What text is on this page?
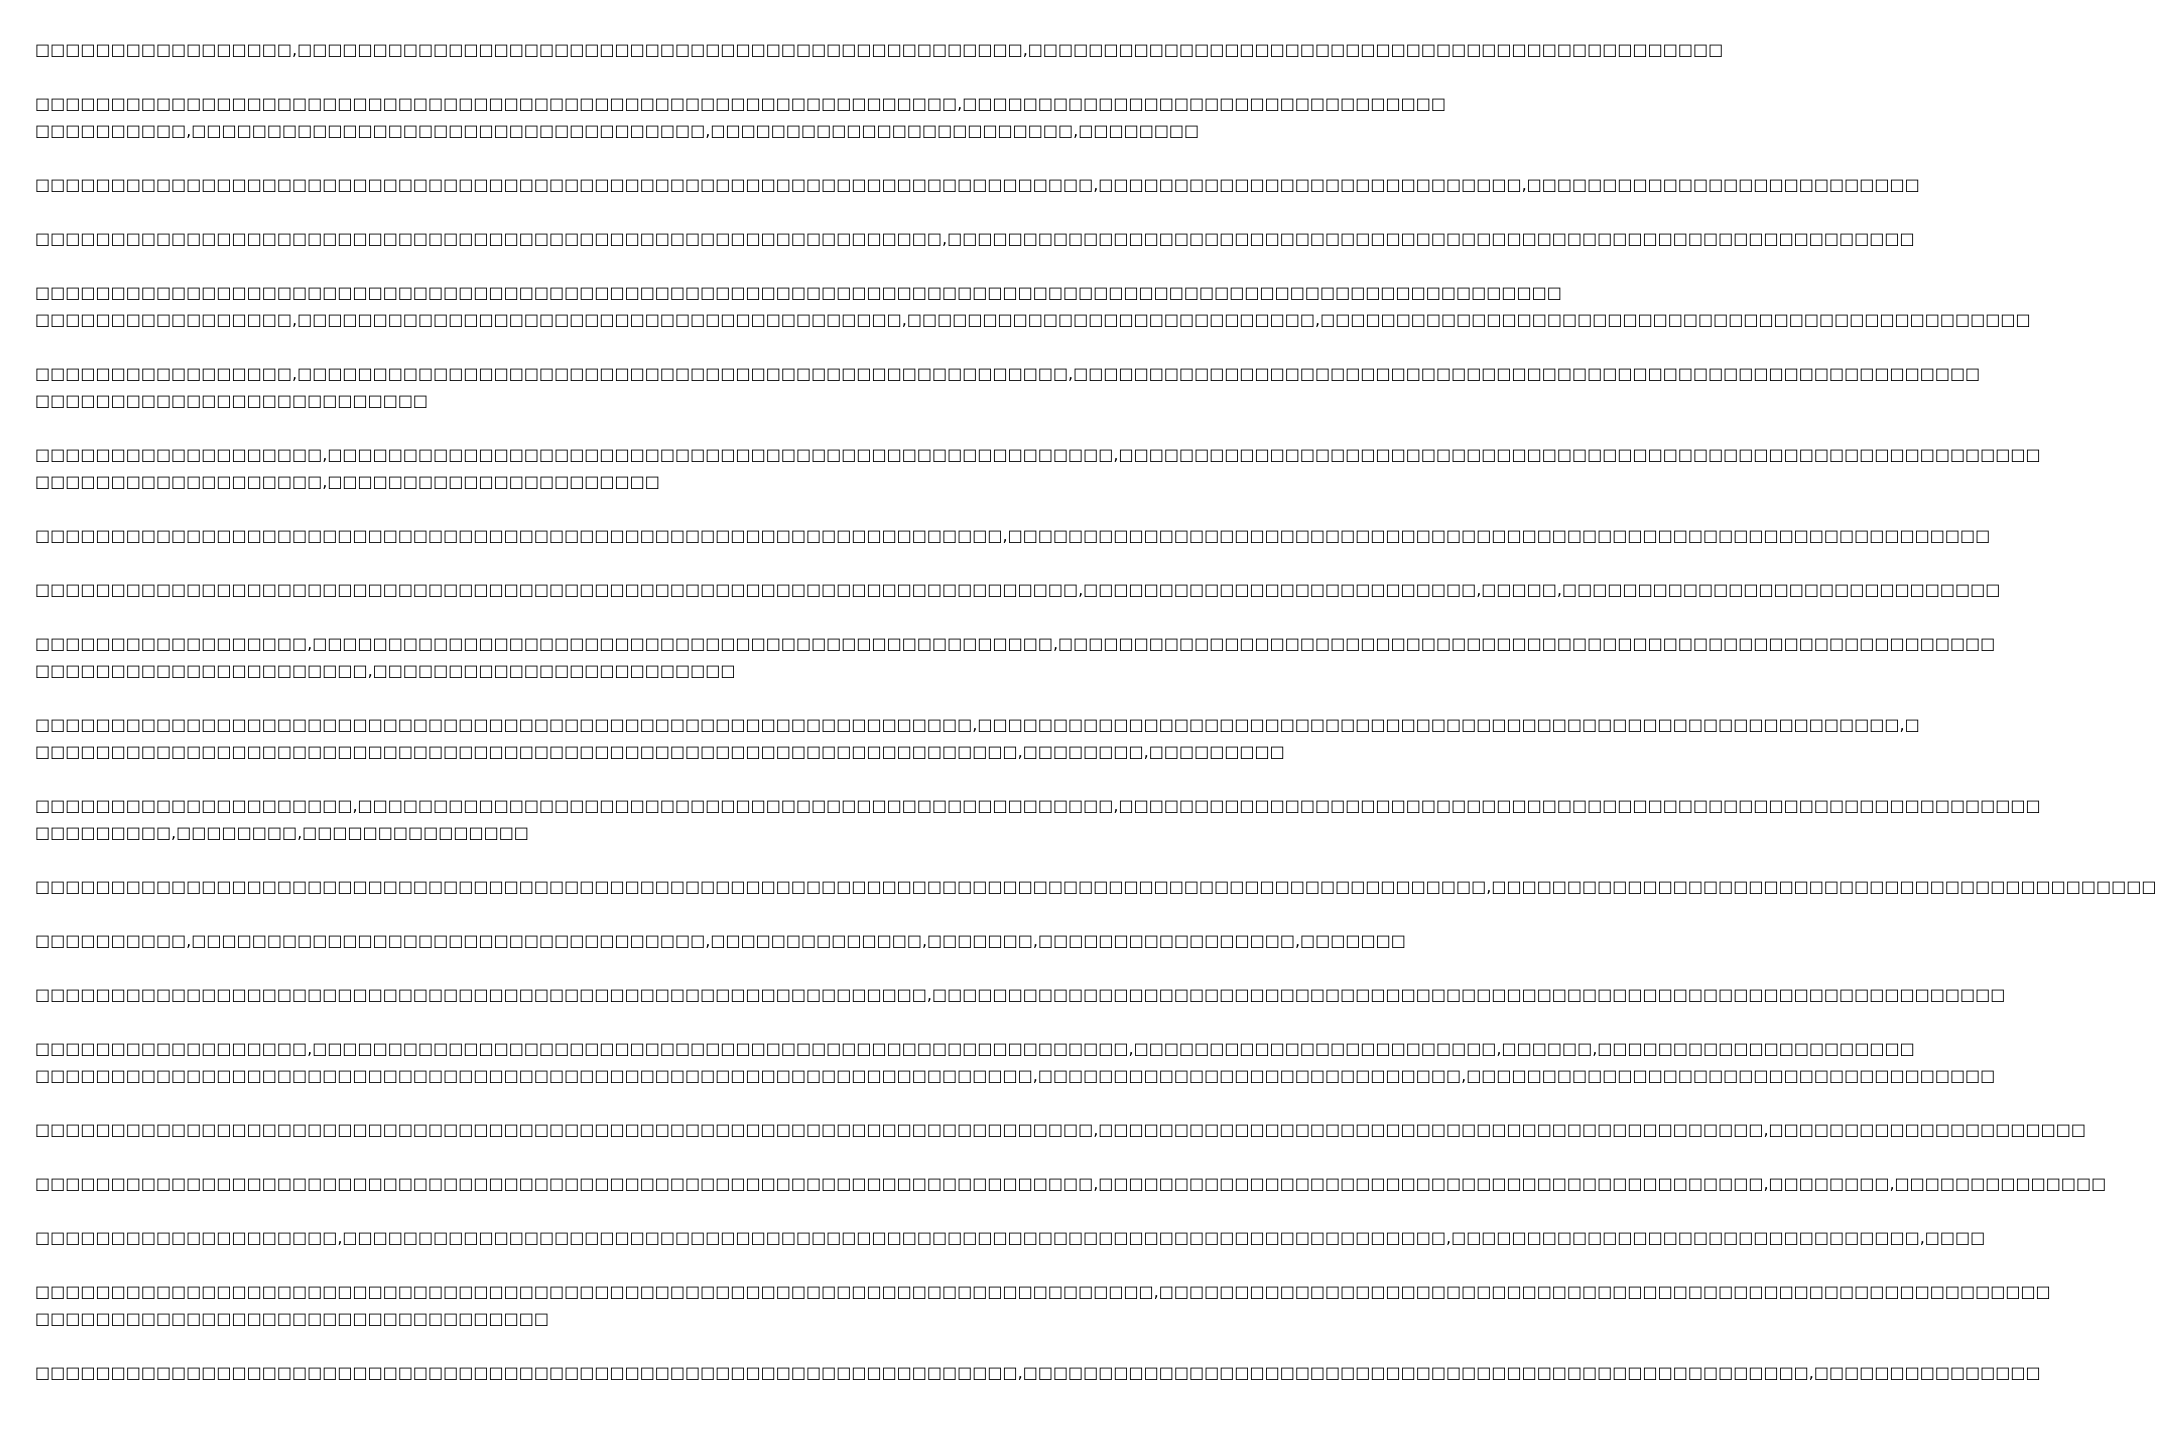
□□□□□□□□□□□□□□□□□,□□□□□□□□□□□□□□□□□□□□□□□□□□□□□□□□□□□□□□□□□□□□□□□□,□□□□□□□□□□□□□□□□□□□□□□□□□□□□□□□□□□□□□□□□□□□□□□

□□□□□□□□□□□□□□□□□□□□□□□□□□□□□□□□□□□□□□□□□□□□□□□□□□□□□□□□□□□□□,□□□□□□□□□□□□□□□□□□□□□□□□□□□□□□□□
□□□□□□□□□□,□□□□□□□□□□□□□□□□□□□□□□□□□□□□□□□□□□,□□□□□□□□□□□□□□□□□□□□□□□□,□□□□□□□□

□□□□□□□□□□□□□□□□□□□□□□□□□□□□□□□□□□□□□□□□□□□□□□□□□□□□□□□□□□□□□□□□□□□□□□,□□□□□□□□□□□□□□□□□□□□□□□□□□□□,□□□□□□□□□□□□□□□□□□□□□□□□□□

□□□□□□□□□□□□□□□□□□□□□□□□□□□□□□□□□□□□□□□□□□□□□□□□□□□□□□□□□□□□,□□□□□□□□□□□□□□□□□□□□□□□□□□□□□□□□□□□□□□□□□□□□□□□□□□□□□□□□□□□□□□□□

□□□□□□□□□□□□□□□□□□□□□□□□□□□□□□□□□□□□□□□□□□□□□□□□□□□□□□□□□□□□□□□□□□□□□□□□□□□□□□□□□□□□□□□□□□□□□□□□□□□□□
□□□□□□□□□□□□□□□□□,□□□□□□□□□□□□□□□□□□□□□□□□□□□□□□□□□□□□□□□□,□□□□□□□□□□□□□□□□□□□□□□□□□□□,□□□□□□□□□□□□□□□□□□□□□□□□□□□□□□□□□□□□□□□□□□□□□□□

□□□□□□□□□□□□□□□□□,□□□□□□□□□□□□□□□□□□□□□□□□□□□□□□□□□□□□□□□□□□□□□□□□□□□,□□□□□□□□□□□□□□□□□□□□□□□□□□□□□□□□□□□□□□□□□□□□□□□□□□□□□□□□□□□□
□□□□□□□□□□□□□□□□□□□□□□□□□□

□□□□□□□□□□□□□□□□□□□,□□□□□□□□□□□□□□□□□□□□□□□□□□□□□□□□□□□□□□□□□□□□□□□□□□□□,□□□□□□□□□□□□□□□□□□□□□□□□□□□□□□□□□□□□□□□□□□□□□□□□□□□□□□□□□□□□□
□□□□□□□□□□□□□□□□□□□,□□□□□□□□□□□□□□□□□□□□□□

□□□□□□□□□□□□□□□□□□□□□□□□□□□□□□□□□□□□□□□□□□□□□□□□□□□□□□□□□□□□□□□□,□□□□□□□□□□□□□□□□□□□□□□□□□□□□□□□□□□□□□□□□□□□□□□□□□□□□□□□□□□□□□□□□□

□□□□□□□□□□□□□□□□□□□□□□□□□□□□□□□□□□□□□□□□□□□□□□□□□□□□□□□□□□□□□□□□□□□□□,□□□□□□□□□□□□□□□□□□□□□□□□□□,□□□□□,□□□□□□□□□□□□□□□□□□□□□□□□□□□□□

□□□□□□□□□□□□□□□□□□,□□□□□□□□□□□□□□□□□□□□□□□□□□□□□□□□□□□□□□□□□□□□□□□□□,□□□□□□□□□□□□□□□□□□□□□□□□□□□□□□□□□□□□□□□□□□□□□□□□□□□□□□□□□□□□□□
□□□□□□□□□□□□□□□□□□□□□□,□□□□□□□□□□□□□□□□□□□□□□□□

□□□□□□□□□□□□□□□□□□□□□□□□□□□□□□□□□□□□□□□□□□□□□□□□□□□□□□□□□□□□□□,□□□□□□□□□□□□□□□□□□□□□□□□□□□□□□□□□□□□□□□□□□□□□□□□□□□□□□□□□□□□□,□
□□□□□□□□□□□□□□□□□□□□□□□□□□□□□□□□□□□□□□□□□□□□□□□□□□□□□□□□□□□□□□□□□,□□□□□□□□,□□□□□□□□□

□□□□□□□□□□□□□□□□□□□□□,□□□□□□□□□□□□□□□□□□□□□□□□□□□□□□□□□□□□□□□□□□□□□□□□□□,□□□□□□□□□□□□□□□□□□□□□□□□□□□□□□□□□□□□□□□□□□□□□□□□□□□□□□□□□□□□□
□□□□□□□□□,□□□□□□□□,□□□□□□□□□□□□□□□

□□□□□□□□□□□□□□□□□□□□□□□□□□□□□□□□□□□□□□□□□□□□□□□□□□□□□□□□□□□□□□□□□□□□□□□□□□□□□□□□□□□□□□□□□□□□□□□□,□□□□□□□□□□□□□□□□□□□□□□□□□□□□□□□□□□□□□□□□□□□□

□□□□□□□□□□,□□□□□□□□□□□□□□□□□□□□□□□□□□□□□□□□□□,□□□□□□□□□□□□□□,□□□□□□□,□□□□□□□□□□□□□□□□□,□□□□□□□

□□□□□□□□□□□□□□□□□□□□□□□□□□□□□□□□□□□□□□□□□□□□□□□□□□□□□□□□□□□,□□□□□□□□□□□□□□□□□□□□□□□□□□□□□□□□□□□□□□□□□□□□□□□□□□□□□□□□□□□□□□□□□□□□□□□

□□□□□□□□□□□□□□□□□□,□□□□□□□□□□□□□□□□□□□□□□□□□□□□□□□□□□□□□□□□□□□□□□□□□□□□□□,□□□□□□□□□□□□□□□□□□□□□□□□,□□□□□□,□□□□□□□□□□□□□□□□□□□□□
□□□□□□□□□□□□□□□□□□□□□□□□□□□□□□□□□□□□□□□□□□□□□□□□□□□□□□□□□□□□□□□□□□,□□□□□□□□□□□□□□□□□□□□□□□□□□□□,□□□□□□□□□□□□□□□□□□□□□□□□□□□□□□□□□□□

□□□□□□□□□□□□□□□□□□□□□□□□□□□□□□□□□□□□□□□□□□□□□□□□□□□□□□□□□□□□□□□□□□□□□□,□□□□□□□□□□□□□□□□□□□□□□□□□□□□□□□□□□□□□□□□□□□□,□□□□□□□□□□□□□□□□□□□□□

□□□□□□□□□□□□□□□□□□□□□□□□□□□□□□□□□□□□□□□□□□□□□□□□□□□□□□□□□□□□□□□□□□□□□□,□□□□□□□□□□□□□□□□□□□□□□□□□□□□□□□□□□□□□□□□□□□□,□□□□□□□□,□□□□□□□□□□□□□□

□□□□□□□□□□□□□□□□□□□□,□□□□□□□□□□□□□□□□□□□□□□□□□□□□□□□□□□□□□□□□□□□□□□□□□□□□□□□□□□□□□□□□□□□□□□□□□,□□□□□□□□□□□□□□□□□□□□□□□□□□□□□□□,□□□□

□□□□□□□□□□□□□□□□□□□□□□□□□□□□□□□□□□□□□□□□□□□□□□□□□□□□□□□□□□□□□□□□□□□□□□□□□□,□□□□□□□□□□□□□□□□□□□□□□□□□□□□□□□□□□□□□□□□□□□□□□□□□□□□□□□□□□□
□□□□□□□□□□□□□□□□□□□□□□□□□□□□□□□□□□

□□□□□□□□□□□□□□□□□□□□□□□□□□□□□□□□□□□□□□□□□□□□□□□□□□□□□□□□□□□□□□□□□,□□□□□□□□□□□□□□□□□□□□□□□□□□□□□□□□□□□□□□□□□□□□□□□□□□□□,□□□□□□□□□□□□□□□
